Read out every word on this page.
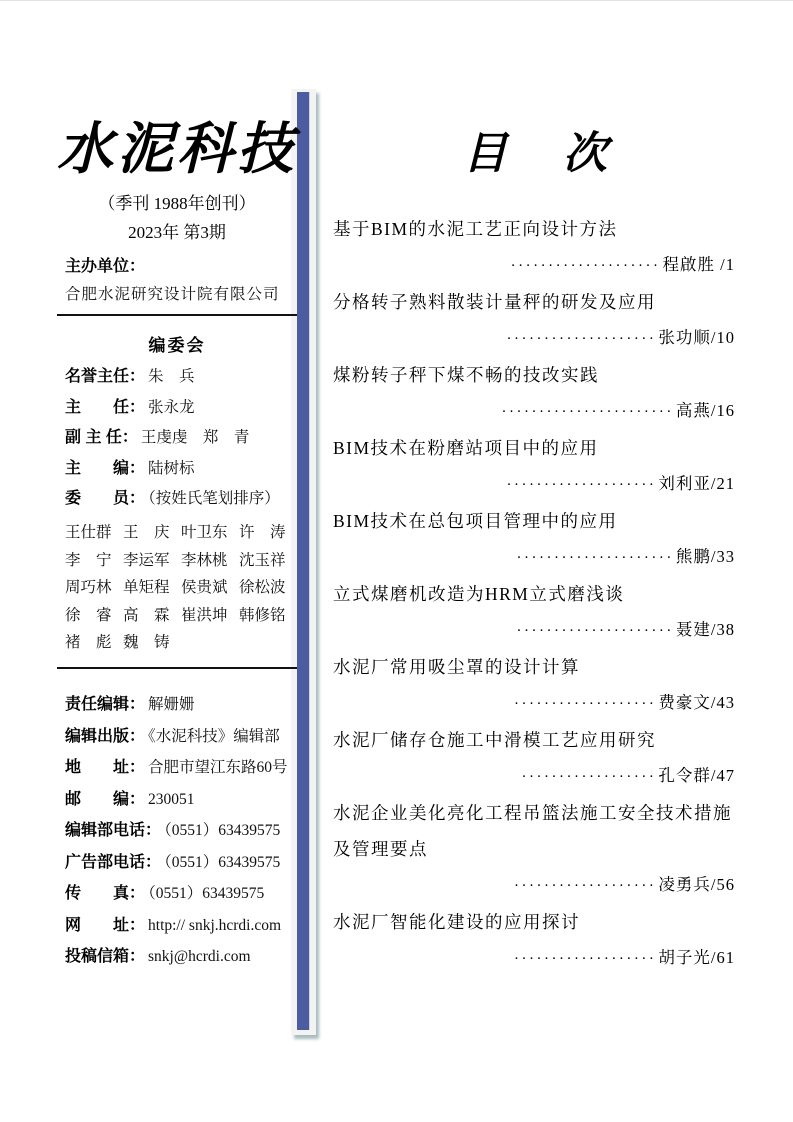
水泥科技
（季刊 1988年创刊）
2023年 第3期
主办单位：
合肥水泥研究设计院有限公司
编委会
名誉主任： 朱　兵
主　　任： 张永龙
副 主 任： 王虔虔　郑　青
主　　编： 陆树标
委　　员： （按姓氏笔划排序）
王仕群 王　庆 叶卫东 许　涛
李　宁 李运军 李林桃 沈玉祥
周巧林 单矩程 侯贵斌 徐松波
徐　睿 高　霖 崔洪坤 韩修铭
褚　彪 魏　铸
责任编辑： 解姗姗
编辑出版： 《水泥科技》编辑部
地　　址： 合肥市望江东路60号
邮　　编： 230051
编辑部电话： （0551）63439575
广告部电话： （0551）63439575
传　　真： （0551）63439575
网　　址： http:// snkj.hcrdi.com
投稿信箱： snkj@hcrdi.com
目　次
基于BIM的水泥工艺正向设计方法
···················· 程啟胜 /1
分格转子熟料散装计量秤的研发及应用
···················· 张功顺/10
煤粉转子秤下煤不畅的技改实践
······················· 高燕/16
BIM技术在粉磨站项目中的应用
···················· 刘利亚/21
BIM技术在总包项目管理中的应用
····················· 熊鹏/33
立式煤磨机改造为HRM立式磨浅谈
····················· 聂建/38
水泥厂常用吸尘罩的设计计算
··················· 费豪文/43
水泥厂储存仓施工中滑模工艺应用研究
·················· 孔令群/47
水泥企业美化亮化工程吊篮法施工安全技术措施
及管理要点
··················· 凌勇兵/56
水泥厂智能化建设的应用探讨
··················· 胡子光/61
